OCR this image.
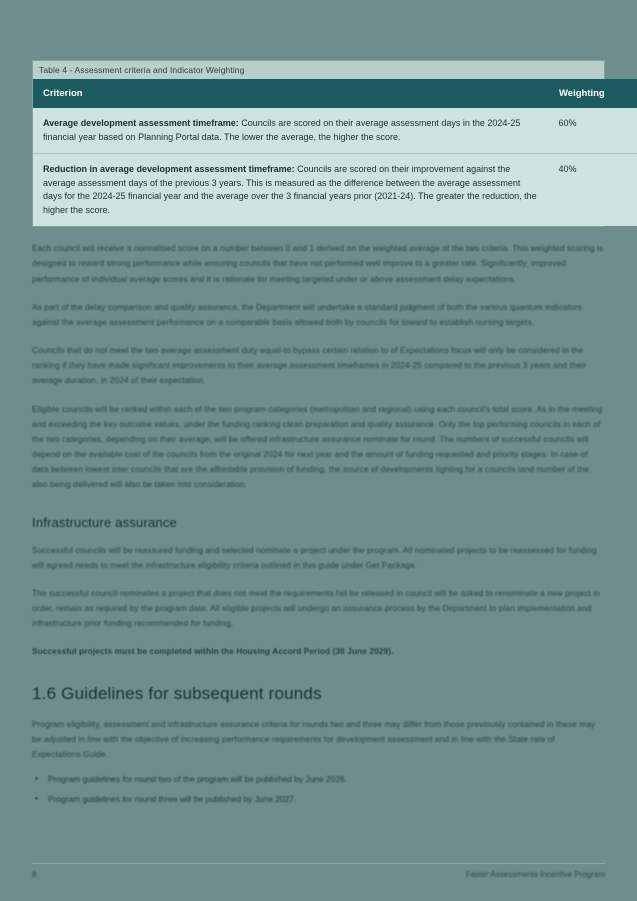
Table 4 - Assessment criteria and Indicator Weighting
Criterion	Weighting
Average development assessment timeframe: Councils are scored on their average assessment days in the 2024-25 financial year based on Planning Portal data. The lower the average, the higher the score.	60%
Reduction in average development assessment timeframe: Councils are scored on their improvement against the average assessment days of the previous 3 years. This is measured as the difference between the average assessment days for the 2024-25 financial year and the average over the 3 financial years prior (2021-24). The greater the reduction, the higher the score.	40%

Each council will receive a normalised score on a number between 0 and 1 derived on the weighted average of the two criteria. This weighted scoring is designed to reward strong performance while ensuring councils that have not performed well improve to a greater rate. Significantly, improved performance of individual average scores and it is rationale for meeting targeted under or above assessment delay expectations.

As part of the delay comparison and quality assurance, the Department will undertake a standard judgment of both the various quantum indicators against the average assessment performance on a comparable basis allowed both by councils for toward to establish nursing targets.

Councils that do not meet the two average assessment duty equal-to bypass certain relation to of Expectations focus will only be considered in the ranking if they have made significant improvements to their average assessment timeframes in 2024-25 compared to the previous 3 years and their average duration, in 2024 of their expectation.

Eligible councils will be ranked within each of the two program categories (metropolitan and regional) using each council's total score. As in the meeting and exceeding the key outcome values, under the funding ranking clean preparation and quality assurance. Only the top performing councils in each of the two categories, depending on their average, will be offered infrastructure assurance nominate for round. The numbers of successful councils will depend on the available cost of the councils from the original 2024 for next year and the amount of funding requested and priority stages. In case of data between lowest inter councils that are the affordable provision of funding, the source of developments lighting for a councils land number of the also being delivered will also be taken into consideration.

Infrastructure assurance

Successful councils will be reassured funding and selected nominate a project under the program. All nominated projects to be reassessed for funding will agreed needs to meet the infrastructure eligibility criteria outlined in this guide under Get Package.

The successful council nominates a project that does not meet the requirements fall be released in council will be asked to renominate a new project in order, remain as required by the program date. All eligible projects will undergo an assurance process by the Department to plan implementation and infrastructure prior funding recommended for funding.

Successful projects must be completed within the Housing Accord Period (30 June 2029).

1.6 Guidelines for subsequent rounds

Program eligibility, assessment and infrastructure assurance criteria for rounds two and three may differ from those previously contained in these may be adjusted in line with the objective of increasing performance requirements for development assessment and in line with the State rate of Expectations Guide.

▪ Program guidelines for round two of the program will be published by June 2026.
▪ Program guidelines for round three will be published by June 2027.
8	Faster Assessments Incentive Program
